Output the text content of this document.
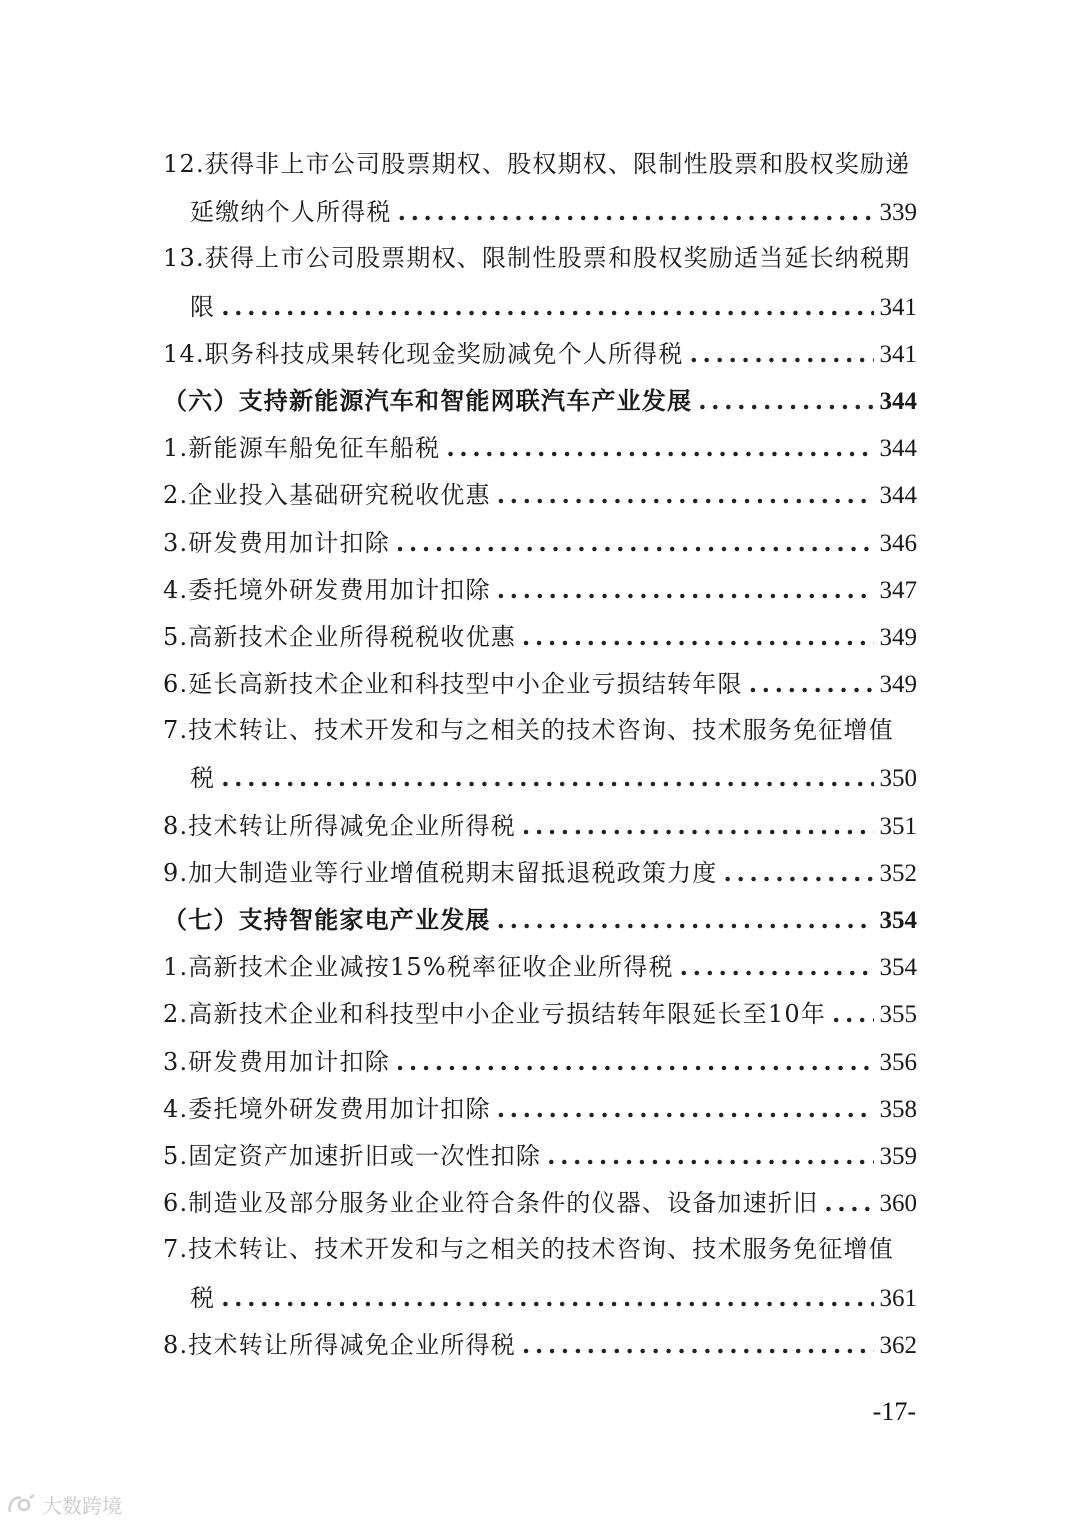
12.获得非上市公司股票期权、股权期权、限制性股票和股权奖励递
延缴纳个人所得税 .....	339
13.获得上市公司股票期权、限制性股票和股权奖励适当延长纳税期
限 .....	341
14.职务科技成果转化现金奖励减免个人所得税 .....	341
（六）支持新能源汽车和智能网联汽车产业发展 .....	344
1.新能源车船免征车船税 .....	344
2.企业投入基础研究税收优惠 .....	344
3.研发费用加计扣除 .....	346
4.委托境外研发费用加计扣除 .....	347
5.高新技术企业所得税税收优惠 .....	349
6.延长高新技术企业和科技型中小企业亏损结转年限 .....	349
7.技术转让、技术开发和与之相关的技术咨询、技术服务免征增值
税 .....	350
8.技术转让所得减免企业所得税 .....	351
9.加大制造业等行业增值税期末留抵退税政策力度 .....	352
（七）支持智能家电产业发展 .....	354
1.高新技术企业减按15%税率征收企业所得税 .....	354
2.高新技术企业和科技型中小企业亏损结转年限延长至10年 ..... 355
3.研发费用加计扣除 .....	356
4.委托境外研发费用加计扣除 .....	358
5.固定资产加速折旧或一次性扣除 .....	359
6.制造业及部分服务业企业符合条件的仪器、设备加速折旧 ..... 360
7.技术转让、技术开发和与之相关的技术咨询、技术服务免征增值
税 .....	361
8.技术转让所得减免企业所得税 .....	362
-17-
大数跨境
